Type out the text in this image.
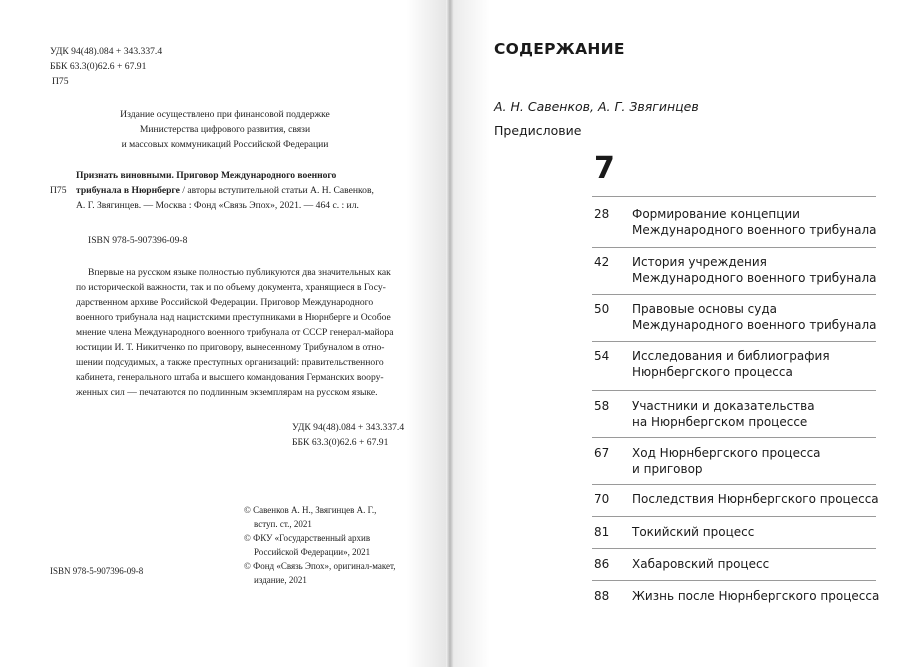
УДК 94(48).084 + 343.337.4
ББК 63.3(0)62.6 + 67.91
П75
Издание осуществлено при финансовой поддержке
Министерства цифрового развития, связи
и массовых коммуникаций Российской Федерации
П75
Признать виновными. Приговор Международного военного
трибунала в Нюрнберге / авторы вступительной статьи А. Н. Савенков,
А. Г. Звягинцев. — Москва : Фонд «Связь Эпох», 2021. — 464 с. : ил.
ISBN 978-5-907396-09-8
Впервые на русском языке полностью публикуются два значительных как
по исторической важности, так и по объему документа, хранящиеся в Госу-
дарственном архиве Российской Федерации. Приговор Международного
военного трибунала над нацистскими преступниками в Нюрнберге и Особое
мнение члена Международного военного трибунала от СССР генерал-майора
юстиции И. Т. Никитченко по приговору, вынесенному Трибуналом в отно-
шении подсудимых, а также преступных организаций: правительственного
кабинета, генерального штаба и высшего командования Германских воору-
женных сил — печатаются по подлинным экземплярам на русском языке.
УДК 94(48).084 + 343.337.4
ББК 63.3(0)62.6 + 67.91
© Савенков А. Н., Звягинцев А. Г.,
вступ. ст., 2021
© ФКУ «Государственный архив
Российской Федерации», 2021
© Фонд «Связь Эпох», оригинал-макет,
издание, 2021
ISBN 978-5-907396-09-8
СОДЕРЖАНИЕ
А. Н. Савенков, А. Г. Звягинцев
Предисловие
7
28 Формирование концепции
Международного военного трибунала
42 История учреждения
Международного военного трибунала
50 Правовые основы суда
Международного военного трибунала
54 Исследования и библиография
Нюрнбергского процесса
58 Участники и доказательства
на Нюрнбергском процессе
67 Ход Нюрнбергского процесса
и приговор
70 Последствия Нюрнбергского процесса
81 Токийский процесс
86 Хабаровский процесс
88 Жизнь после Нюрнбергского процесса
